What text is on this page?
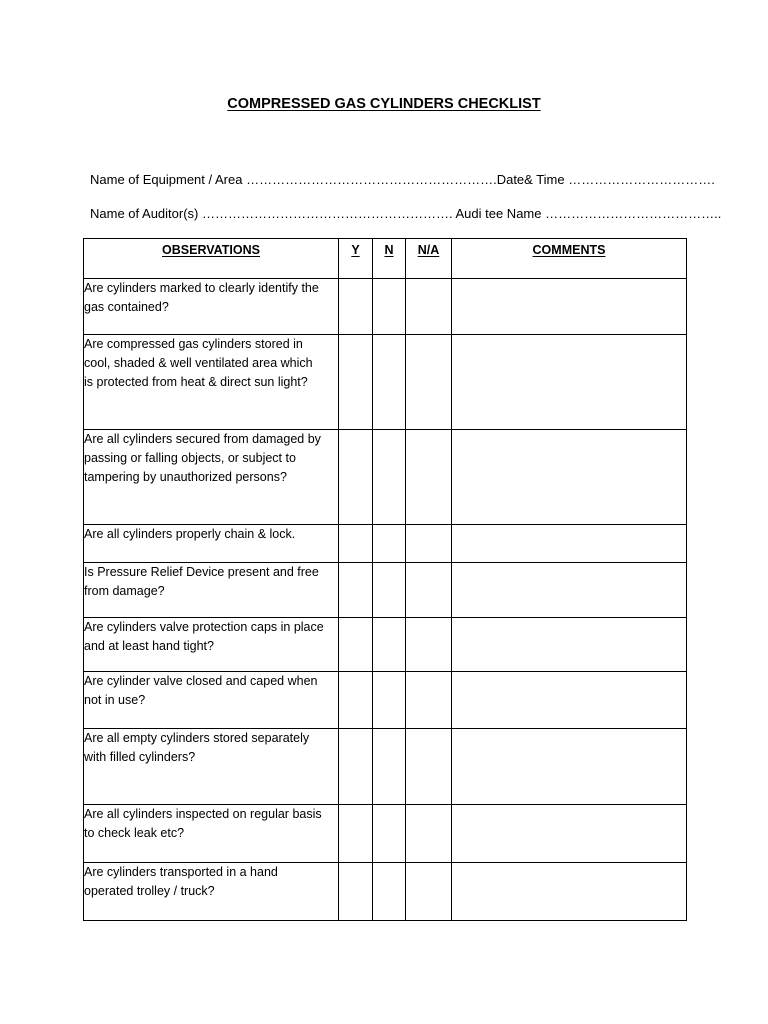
COMPRESSED GAS CYLINDERS CHECKLIST
Name of Equipment / Area ………………………………………………….Date& Time …………………………….
Name of Auditor(s) …………………………………………………. Audi tee Name …………………………………..
OBSERVATIONS	Y	N	N/A	COMMENTS

Are cylinders marked to clearly identify the gas contained?				

Are compressed gas cylinders stored in cool, shaded & well ventilated area which is protected from heat & direct sun light?				

Are all cylinders secured from damaged by passing or falling objects, or subject to tampering by unauthorized persons?				

Are all cylinders properly chain & lock.				

Is Pressure Relief Device present and free from damage?				

Are cylinders valve protection caps in place and at least hand tight?				

Are cylinder valve closed and caped when not in use?				

Are all empty cylinders stored separately with filled cylinders?				

Are all cylinders inspected on regular basis to check leak etc?				

Are cylinders transported in a hand operated trolley / truck?				
